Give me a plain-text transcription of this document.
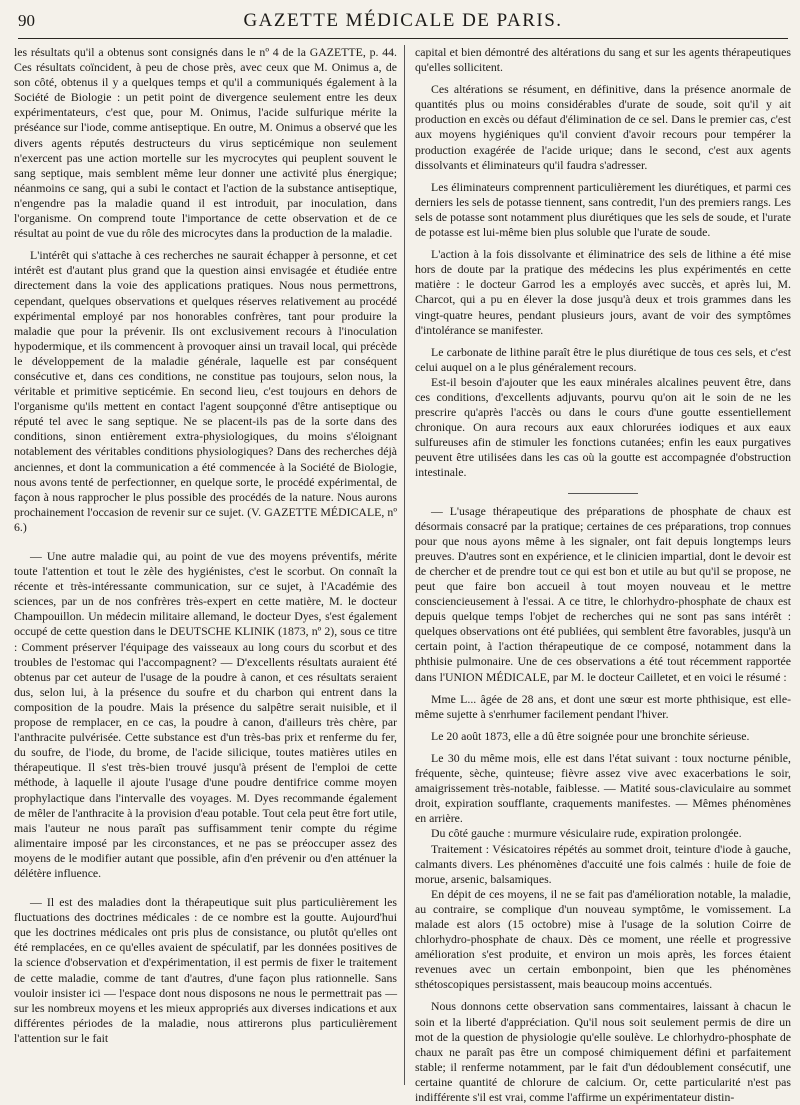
90	GAZETTE MÉDICALE DE PARIS.

les résultats qu'il a obtenus sont consignés dans le nº 4 de la GAZETTE, p. 44. Ces résultats coïncident, à peu de chose près, avec ceux que M. Onimus a, de son côté, obtenus il y a quelques temps et qu'il a communiqués également à la Société de Biologie : un petit point de divergence seulement entre les deux expérimentateurs, c'est que, pour M. Onimus, l'acide sulfurique mérite la préséance sur l'iode, comme antiseptique. En outre, M. Onimus a observé que les divers agents réputés destructeurs du virus septicémique non seulement n'exercent pas une action mortelle sur les mycrocytes qui peuplent souvent le sang septique, mais semblent même leur donner une activité plus énergique; néanmoins ce sang, qui a subi le contact et l'action de la substance antiseptique, n'engendre pas la maladie quand il est introduit, par inoculation, dans l'organisme. On comprend toute l'importance de cette observation et de ce résultat au point de vue du rôle des microcytes dans la production de la maladie.

L'intérêt qui s'attache à ces recherches ne saurait échapper à personne, et cet intérêt est d'autant plus grand que la question ainsi envisagée et étudiée entre directement dans la voie des applications pratiques. Nous nous permettrons, cependant, quelques observations et quelques réserves relativement au procédé expérimental employé par nos honorables confrères, tant pour produire la maladie que pour la prévenir. Ils ont exclusivement recours à l'inoculation hypodermique, et ils commencent à provoquer ainsi un travail local, qui précède le développement de la maladie générale, laquelle est par conséquent consécutive et, dans ces conditions, ne constitue pas toujours, selon nous, la véritable et primitive septicémie. En second lieu, c'est toujours en dehors de l'organisme qu'ils mettent en contact l'agent soupçonné d'être antiseptique ou réputé tel avec le sang septique. Ne se placent-ils pas de la sorte dans des conditions, sinon entièrement extra-physiologiques, du moins s'éloignant notablement des véritables conditions physiologiques? Dans des recherches déjà anciennes, et dont la communication a été commencée à la Société de Biologie, nous avons tenté de perfectionner, en quelque sorte, le procédé expérimental, de façon à nous rapprocher le plus possible des procédés de la nature. Nous aurons prochainement l'occasion de revenir sur ce sujet. (V. GAZETTE MÉDICALE, nº 6.)

— Une autre maladie qui, au point de vue des moyens préventifs, mérite toute l'attention et tout le zèle des hygiénistes, c'est le scorbut. On connaît la récente et très-intéressante communication, sur ce sujet, à l'Académie des sciences, par un de nos confrères très-expert en cette matière, M. le docteur Champouillon. Un médecin militaire allemand, le docteur Dyes, s'est également occupé de cette question dans le DEUTSCHE KLINIK (1873, nº 2), sous ce titre : Comment préserver l'équipage des vaisseaux au long cours du scorbut et des troubles de l'estomac qui l'accompagnent? — D'excellents résultats auraient été obtenus par cet auteur de l'usage de la poudre à canon, et ces résultats seraient dus, selon lui, à la présence du soufre et du charbon qui entrent dans la composition de la poudre. Mais la présence du salpêtre serait nuisible, et il propose de remplacer, en ce cas, la poudre à canon, d'ailleurs très chère, par l'anthracite pulvérisée. Cette substance est d'un très-bas prix et renferme du fer, du soufre, de l'iode, du brome, de l'acide silicique, toutes matières utiles en thérapeutique. Il s'est très-bien trouvé jusqu'à présent de l'emploi de cette méthode, à laquelle il ajoute l'usage d'une poudre dentifrice comme moyen prophylactique dans l'intervalle des voyages. M. Dyes recommande également de mêler de l'anthracite à la provision d'eau potable. Tout cela peut être fort utile, mais l'auteur ne nous paraît pas suffisamment tenir compte du régime alimentaire imposé par les circonstances, et ne pas se préoccuper assez des moyens de le modifier autant que possible, afin d'en prévenir ou d'en atténuer la délétère influence.

— Il est des maladies dont la thérapeutique suit plus particulièrement les fluctuations des doctrines médicales : de ce nombre est la goutte. Aujourd'hui que les doctrines médicales ont pris plus de consistance, ou plutôt qu'elles ont été remplacées, en ce qu'elles avaient de spéculatif, par les données positives de la science d'observation et d'expérimentation, il est permis de fixer le traitement de cette maladie, comme de tant d'autres, d'une façon plus rationnelle. Sans vouloir insister ici — l'espace dont nous disposons ne nous le permettrait pas — sur les nombreux moyens et les mieux appropriés aux diverses indications et aux différentes périodes de la maladie, nous attirerons plus particulièrement l'attention sur le fait

capital et bien démontré des altérations du sang et sur les agents thérapeutiques qu'elles sollicitent.

Ces altérations se résument, en définitive, dans la présence anormale de quantités plus ou moins considérables d'urate de soude, soit qu'il y ait production en excès ou défaut d'élimination de ce sel. Dans le premier cas, c'est aux moyens hygiéniques qu'il convient d'avoir recours pour tempérer la production exagérée de l'acide urique; dans le second, c'est aux agents dissolvants et éliminateurs qu'il faudra s'adresser.

Les éliminateurs comprennent particulièrement les diurétiques, et parmi ces derniers les sels de potasse tiennent, sans contredit, l'un des premiers rangs. Les sels de potasse sont notamment plus diurétiques que les sels de soude, et l'urate de potasse est lui-même bien plus soluble que l'urate de soude.

L'action à la fois dissolvante et éliminatrice des sels de lithine a été mise hors de doute par la pratique des médecins les plus expérimentés en cette matière : le docteur Garrod les a employés avec succès, et après lui, M. Charcot, qui a pu en élever la dose jusqu'à deux et trois grammes dans les vingt-quatre heures, pendant plusieurs jours, avant de voir des symptômes d'intolérance se manifester.

Le carbonate de lithine paraît être le plus diurétique de tous ces sels, et c'est celui auquel on a le plus généralement recours.

Est-il besoin d'ajouter que les eaux minérales alcalines peuvent être, dans ces conditions, d'excellents adjuvants, pourvu qu'on ait le soin de ne les prescrire qu'après l'accès ou dans le cours d'une goutte essentiellement chronique. On aura recours aux eaux chlorurées iodiques et aux eaux sulfureuses afin de stimuler les fonctions cutanées; enfin les eaux purgatives peuvent être utilisées dans les cas où la goutte est accompagnée d'obstruction intestinale.

— L'usage thérapeutique des préparations de phosphate de chaux est désormais consacré par la pratique; certaines de ces préparations, trop connues pour que nous ayons même à les signaler, ont fait depuis longtemps leurs preuves. D'autres sont en expérience, et le clinicien impartial, dont le devoir est de chercher et de prendre tout ce qui est bon et utile au but qu'il se propose, ne peut que faire bon accueil à tout moyen nouveau et le mettre consciencieusement à l'essai. A ce titre, le chlorhydro-phosphate de chaux est depuis quelque temps l'objet de recherches qui ne sont pas sans intérêt : quelques observations ont été publiées, qui semblent être favorables, jusqu'à un certain point, à l'action thérapeutique de ce composé, notamment dans la phthisie pulmonaire. Une de ces observations a été tout récemment rapportée dans l'UNION MÉDICALE, par M. le docteur Cailletet, et en voici le résumé :

Mme L... âgée de 28 ans, et dont une sœur est morte phthisique, est elle-même sujette à s'enrhumer facilement pendant l'hiver.

Le 20 août 1873, elle a dû être soignée pour une bronchite sérieuse.

Le 30 du même mois, elle est dans l'état suivant : toux nocturne pénible, fréquente, sèche, quinteuse; fièvre assez vive avec exacerbations le soir, amaigrissement très-notable, faiblesse. — Matité sous-claviculaire au sommet droit, expiration soufflante, craquements manifestes. — Mêmes phénomènes en arrière.

Du côté gauche : murmure vésiculaire rude, expiration prolongée.

Traitement : Vésicatoires répétés au sommet droit, teinture d'iode à gauche, calmants divers. Les phénomènes d'accuité une fois calmés : huile de foie de morue, arsenic, balsamiques.

En dépit de ces moyens, il ne se fait pas d'amélioration notable, la maladie, au contraire, se complique d'un nouveau symptôme, le vomissement. La malade est alors (15 octobre) mise à l'usage de la solution Coirre de chlorhydro-phosphate de chaux. Dès ce moment, une réelle et progressive amélioration s'est produite, et environ un mois après, les forces étaient revenues avec un certain embonpoint, bien que les phénomènes sthétoscopiques persistassent, mais beaucoup moins accentués.

Nous donnons cette observation sans commentaires, laissant à chacun le soin et la liberté d'appréciation. Qu'il nous soit seulement permis de dire un mot de la question de physiologie qu'elle soulève. Le chlorhydro-phosphate de chaux ne paraît pas être un composé chimiquement défini et parfaitement stable; il renferme notamment, par le fait d'un dédoublement consécutif, une certaine quantité de chlorure de calcium. Or, cette particularité n'est pas indifférente s'il est vrai, comme l'affirme un expérimentateur distin-
